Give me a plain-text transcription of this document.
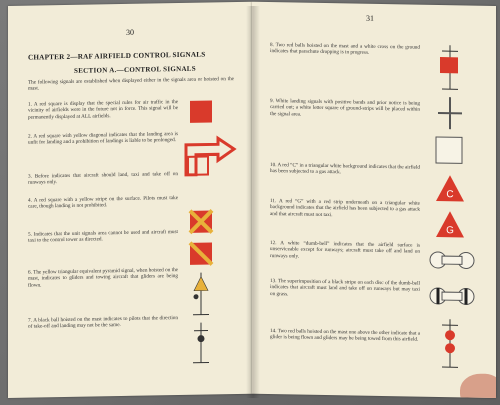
30
CHAPTER 2—RAF AIRFIELD CONTROL SIGNALS
SECTION A.—CONTROL SIGNALS
The following signals are established when displayed either in the signals area or hoisted on the mast.
1. A red square is display that the special rules for air traffic in the vicinity of airfields were in the future not in force. This signal will be permanently displayed at ALL airfields.
2. A red square with yellow diagonal indicates that the landing area is unfit for landing and a prohibition of landings is liable to be prolonged.
3. Before indicates that aircraft should land, taxi and take off on runways only.
4. A red square with a yellow stripe on the surface. Pilots must take care, though landing is not prohibited.
5. Indicates that the unit signals area cannot be used and aircraft must taxi to the control tower as directed.
6. The yellow triangular equivalent pyramid signal, when hoisted on the mast, indicates to gliders and towing aircraft that gliders are being flown.
7. A black ball hoisted on the mast indicates to pilots that the direction of take-off and landing may not be the same.
31
8. Two red balls hoisted on the mast and a white cross on the ground indicates that parachute dropping is in progress.
9. White landing signals with positive bands and prior notice is being carried out; a white letter square of ground-strips will be placed within the signal area.
10. A red “C” in a triangular white background indicates that the airfield has been subjected to a gas attack.
11. A red “G” with a red strip underneath on a triangular white background indicates that the airfield has been subjected to a gas attack and that aircraft must not taxi.
12. A white “dumb-bell” indicates that the airfield surface is unserviceable except for runways; aircraft must take off and land on runways only.
13. The superimposition of a black stripe on each disc of the dumb-bell indicates that aircraft must land and take off on runways but may taxi on grass.
14. Two red balls hoisted on the mast one above the other indicate that a glider is being flown and gliders may be being towed from this airfield.
C
G
